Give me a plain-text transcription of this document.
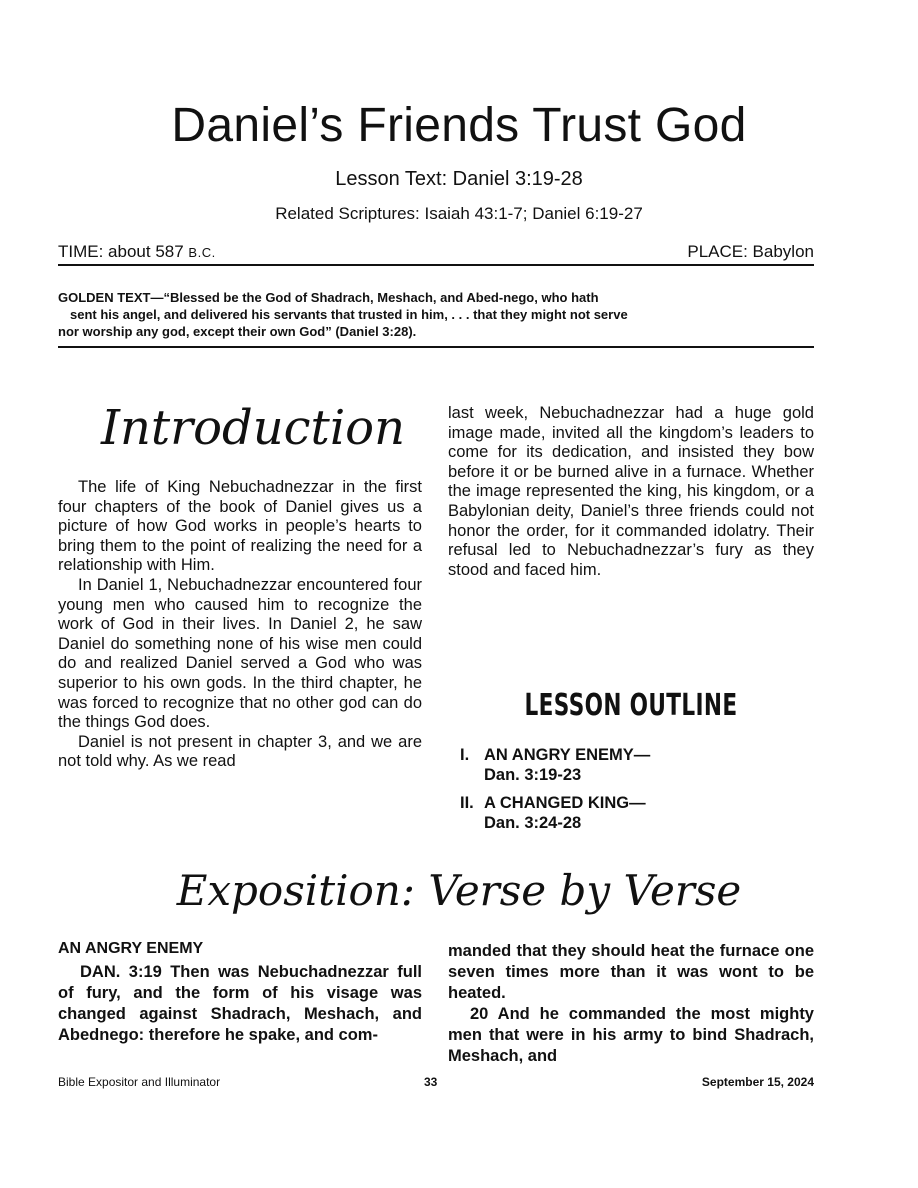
Daniel’s Friends Trust God
Lesson Text: Daniel 3:19-28
Related Scriptures: Isaiah 43:1-7; Daniel 6:19-27
TIME: about 587 B.C.	PLACE: Babylon
GOLDEN TEXT—“Blessed be the God of Shadrach, Meshach, and Abed-nego, who hath
sent his angel, and delivered his servants that trusted in him, . . . that they might not serve
nor worship any god, except their own God” (Daniel 3:28).
Introduction

The life of King Nebuchadnezzar in the first four chapters of the book of Daniel gives us a picture of how God works in people’s hearts to bring them to the point of realizing the need for a relationship with Him.

In Daniel 1, Nebuchadnezzar encountered four young men who caused him to recognize the work of God in their lives. In Daniel 2, he saw Daniel do something none of his wise men could do and realized Daniel served a God who was superior to his own gods. In the third chapter, he was forced to recognize that no other god can do the things God does.

Daniel is not present in chapter 3, and we are not told why. As we read

last week, Nebuchadnezzar had a huge gold image made, invited all the kingdom’s leaders to come for its dedication, and insisted they bow before it or be burned alive in a furnace. Whether the image represented the king, his kingdom, or a Babylonian deity, Daniel’s three friends could not honor the order, for it commanded idolatry. Their refusal led to Nebuchadnezzar’s fury as they stood and faced him.

LESSON OUTLINE
I. AN ANGRY ENEMY—
Dan. 3:19-23
II. A CHANGED KING—
Dan. 3:24-28
Exposition: Verse by Verse
AN ANGRY ENEMY

DAN. 3:19 Then was Nebuchadnezzar full of fury, and the form of his visage was changed against Shadrach, Meshach, and Abednego: therefore he spake, and com-

manded that they should heat the furnace one seven times more than it was wont to be heated.

20 And he commanded the most mighty men that were in his army to bind Shadrach, Meshach, and

Bible Expositor and Illuminator	33	September 15, 2024
